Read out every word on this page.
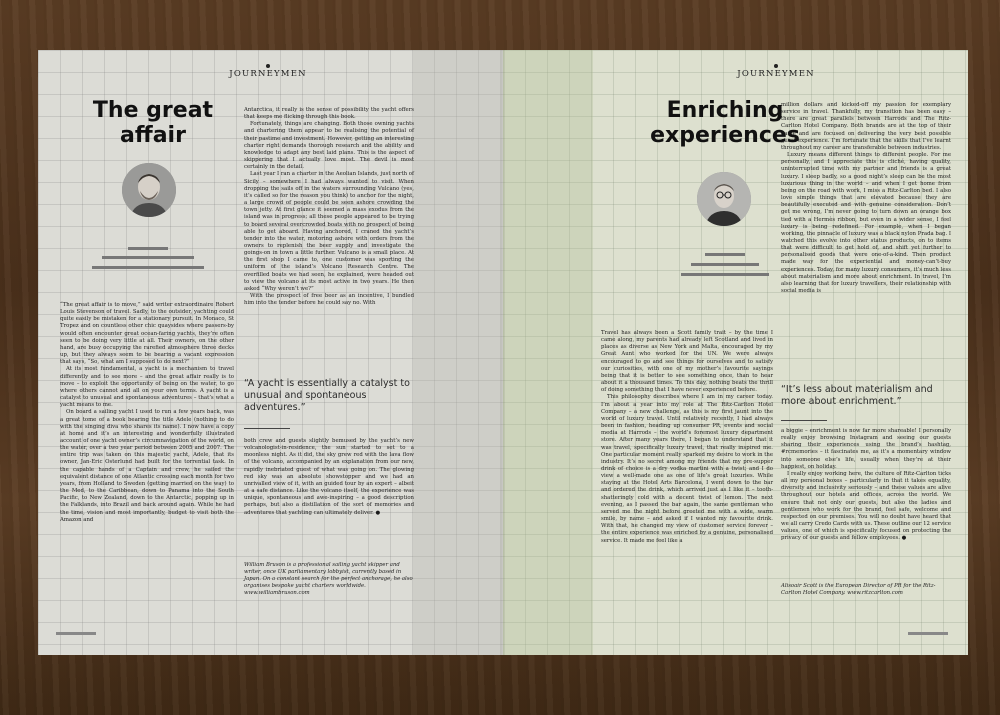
JOURNEYMEN
The great
affair

“The great affair is to move,” said writer extraordinaire Robert Louis Stevenson of travel. Sadly, to the outsider, yachting could quite easily be mistaken for a stationary pursuit. In Monaco, St Tropez and on countless other chic quaysides where passers-by would often encounter great ocean-faring yachts, they’re often seen to be doing very little at all. Their owners, on the other hand, are busy occupying the rarefied atmosphere three decks up, but they always seem to be bearing a vacant expression that says, “So, what am I supposed to do next?”

At its most fundamental, a yacht is a mechanism to travel differently and to see more – and the great affair really is to move – to exploit the opportunity of being on the water, to go where others cannot and all on your own terms. A yacht is a catalyst to unusual and spontaneous adventures – that’s what a yacht means to me.

On board a sailing yacht I used to run a few years back, was a great tome of a book bearing the title Adele (nothing to do with the singing diva who shares its name). I now have a copy at home and it’s an interesting and wonderfully illustrated account of one yacht owner’s circumnavigation of the world, on the water, over a two year period between 2005 and 2007. The entire trip was taken on this majestic yacht, Adele, that its owner, Jan-Eric Osterlund had built for the torrential task. In the capable hands of a Captain and crew, he sailed the equivalent distance of one Atlantic crossing each month for two years, from Holland to Sweden (getting married on the way) to the Med, to the Caribbean, down to Panama into the South Pacific, to New Zealand, down to the Antarctic, popping up in the Falklands, into Brazil and back around again. While he had the time, vision and most importantly, budget to visit both the Amazon and

Antarctica, it really is the sense of possibility the yacht offers that keeps me flicking through this book.

Fortunately, things are changing. Both those owning yachts and chartering them appear to be realising the potential of their pastime and investment. However, getting an interesting charter right demands thorough research and the ability and knowledge to adapt any best laid plans. This is the aspect of skippering that I actually love most. The devil is most certainly in the detail.

Last year I ran a charter in the Aeolian Islands, just north of Sicily – somewhere I had always wanted to visit. When dropping the sails off in the waters surrounding Vulcano (yes, it’s called so for the reason you think) to anchor for the night, a large crowd of people could be seen ashore crowding the town jetty. At first glance it seemed a mass exodus from the island was in progress; all these people appeared to be trying to board several overcrowded boats with no prospect of being able to get aboard. Having anchored, I craned the yacht’s tender into the water, motoring ashore with orders from the owners to replenish the beer supply and investigate the goings-on in town a little further. Vulcano is a small place. At the first shop I came to, one customer was sporting the uniform of the island’s Volcano Research Centre. The overfilled boats we had seen, he explained, were headed out to view the volcano at its most active in two years. He then asked “Why weren’t we?”

With the prospect of free beer as an incentive, I bundled him into the tender before he could say no. With

“A yacht is essentially a catalyst to unusual and spontaneous adventures.”

both crew and guests slightly bemused by the yacht’s new volcanologist-in-residence, the sun started to set to a moonless night. As it did, the sky grew red with the lava flow of the volcano, accompanied by an explanation from our new, rapidly inebriated guest of what was going on. The glowing red sky was an absolute showstopper and we had an unrivalled view of it, with an guided tour by an expert – albeit at a safe distance. Like the volcano itself, the experience was unique, spontaneous and awe-inspiring – a good description perhaps, but also a distillation of the sort of memories and adventures that yachting can ultimately deliver. ●

William Bruson is a professional sailing yacht skipper and writer, once UK parliamentary lobbyist, currently based in Japan. On a constant search for the perfect anchorage, he also organises bespoke yacht charters worldwide. www.williambruson.com
JOURNEYMEN
Enriching
experiences

Travel has always been a Scott family trait – by the time I came along, my parents had already left Scotland and lived in places as diverse as New York and Malta, encouraged by my Great Aunt who worked for the UN. We were always encouraged to go and see things for ourselves and to satisfy our curiosities, with one of my mother’s favourite sayings being that it is better to see something once, than to hear about it a thousand times. To this day, nothing beats the thrill of doing something that I have never experienced before.

This philosophy describes where I am in my career today. I’m about a year into my role at The Ritz-Carlton Hotel Company – a new challenge, as this is my first jaunt into the world of luxury travel. Until relatively recently, I had always been in fashion, heading up consumer PR, events and social media at Harrods – the world’s foremost luxury department store. After many years there, I began to understand that it was travel, specifically luxury travel, that really inspired me. One particular moment really sparked my desire to work in the industry. It’s no secret among my friends that my pre-supper drink of choice is a dry vodka martini with a twist; and I do view a well-made one as one of life’s great luxuries. While staying at the Hotel Arts Barcelona, I went down to the bar and ordered the drink, which arrived just as I like it – tooth-shatteringly cold with a decent twist of lemon. The next evening, as I passed the bar again, the same gentleman who served me the night before greeted me with a wide, warm smile, by name – and asked if I wanted my favourite drink. With that, he changed my view of customer service forever – the entire experience was enriched by a genuine, personalised service. It made me feel like a

million dollars and kicked-off my passion for exemplary service in travel. Thankfully, my transition has been easy – there are great parallels between Harrods and The Ritz-Carlton Hotel Company. Both brands are at the top of their game and are focused on delivering the very best possible guest experience. I’m fortunate that the skills that I’ve learnt throughout my career are transferable between industries.

Luxury means different things to different people. For me personally, and I appreciate this is cliché, having quality, uninterrupted time with my partner and friends is a great luxury. I sleep badly, so a good night’s sleep can be the most luxurious thing in the world – and when I get home from being on the road with work, I miss a Ritz-Carlton bed. I also love simple things that are elevated because they are beautifully executed and with genuine consideration. Don’t get me wrong, I’m never going to turn down an orange box tied with a Hermès ribbon, but even in a wider sense, I feel luxury is being redefined. For example, when I began working, the pinnacle of luxury was a black nylon Prada bag. I watched this evolve into other status products, on to items that were difficult to get hold of, and shift yet further to personalised goods that were one-of-a-kind. Then product made way for the experiential and money-can’t-buy experiences. Today, for many luxury consumers, it’s much less about materialism and more about enrichment. In travel, I’m also learning that for luxury travellers, their relationship with social media is

“It’s less about materialism and more about enrichment.”

a biggie – enrichment is now far more shareable! I personally really enjoy browsing Instagram and seeing our guests sharing their experiences using the brand’s hashtag, #rcmemories – it fascinates me, as it’s a momentary window into someone else’s life, usually when they’re at their happiest, on holiday.

I really enjoy working here, the culture of Ritz-Carlton ticks all my personal boxes – particularly in that it takes equality, diversity and inclusivity seriously – and these values are alive throughout our hotels and offices, across the world. We ensure that not only our guests, but also the ladies and gentlemen who work for the brand, feel safe, welcome and respected on our premises. You will no doubt have heard that we all carry Credo Cards with us. These outline our 12 service values, one of which is specifically focused on protecting the privacy of our guests and fellow employees. ●

Alisoair Scott is the European Director of PR for the Ritz-Carlton Hotel Company. www.ritzcarlton.com
